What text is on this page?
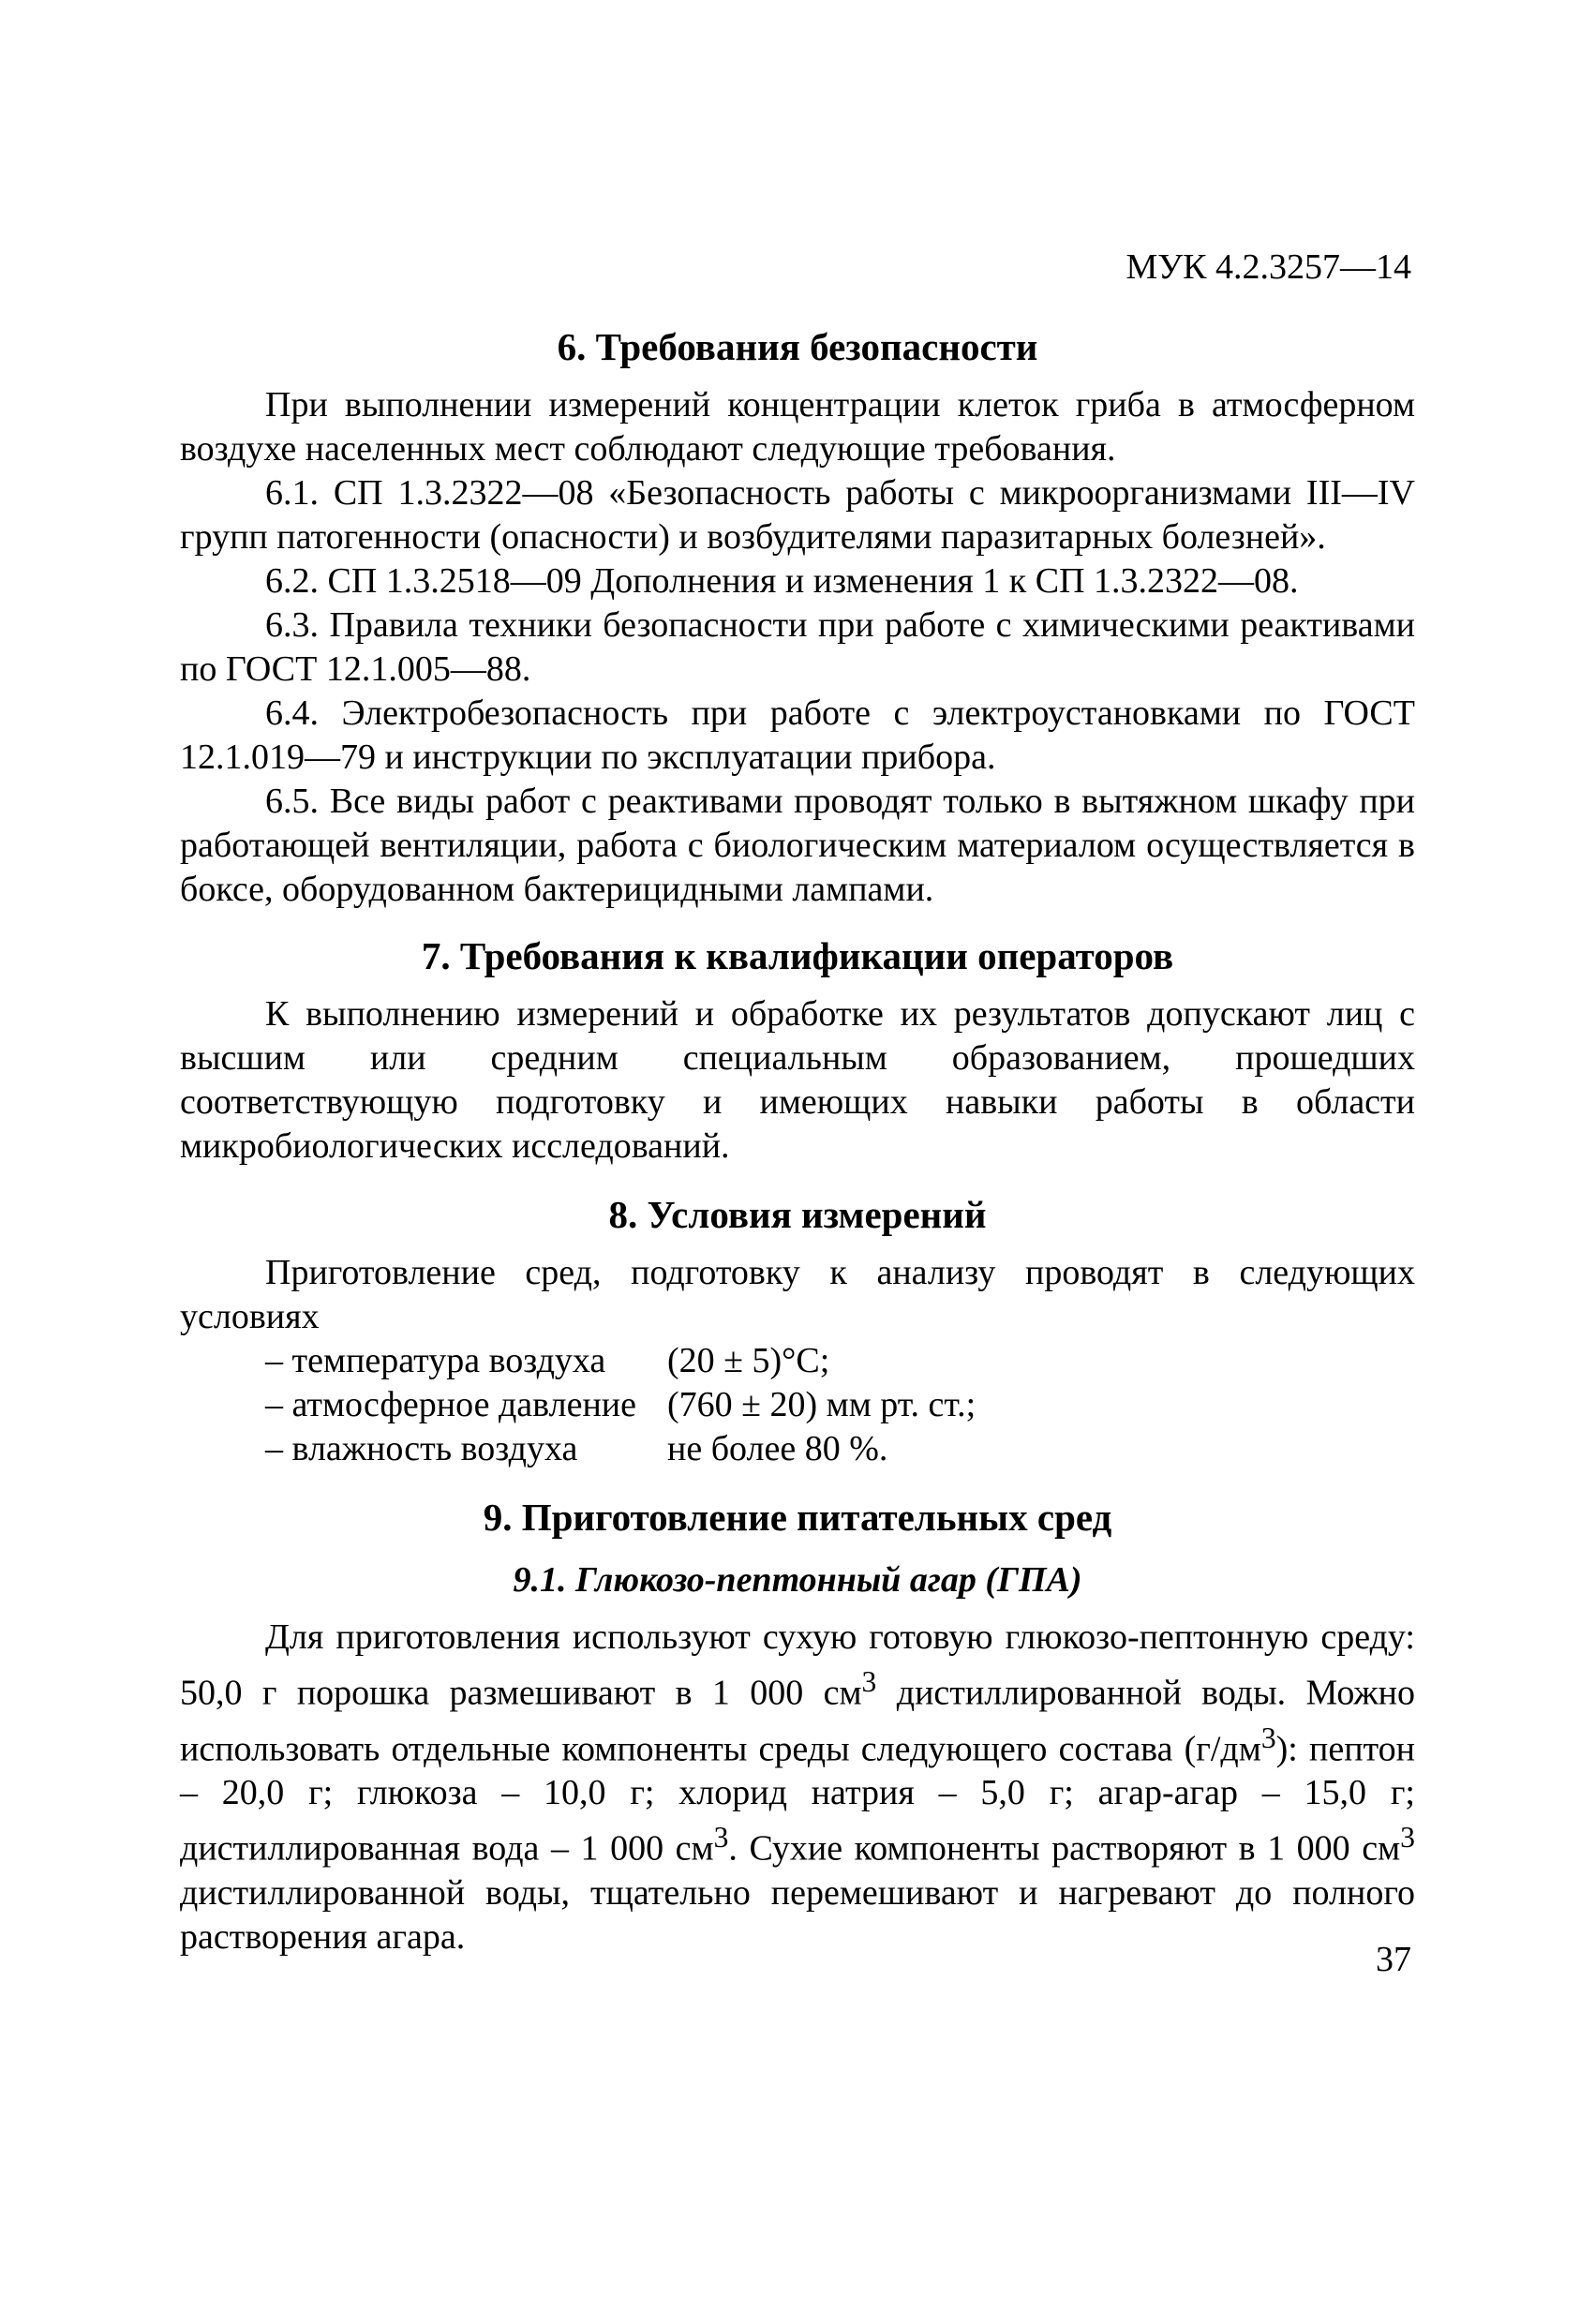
МУК 4.2.3257—14
6. Требования безопасности

При выполнении измерений концентрации клеток гриба в атмосферном воздухе населенных мест соблюдают следующие требования.

6.1. СП 1.3.2322—08 «Безопасность работы с микроорганизмами III—IV групп патогенности (опасности) и возбудителями паразитарных болезней».

6.2. СП 1.3.2518—09 Дополнения и изменения 1 к СП 1.3.2322—08.

6.3. Правила техники безопасности при работе с химическими реактивами по ГОСТ 12.1.005—88.

6.4. Электробезопасность при работе с электроустановками по ГОСТ 12.1.019—79 и инструкции по эксплуатации прибора.

6.5. Все виды работ с реактивами проводят только в вытяжном шкафу при работающей вентиляции, работа с биологическим материалом осуществляется в боксе, оборудованном бактерицидными лампами.

7. Требования к квалификации операторов

К выполнению измерений и обработке их результатов допускают лиц с высшим или средним специальным образованием, прошедших соответствующую подготовку и имеющих навыки работы в области микробиологических исследований.

8. Условия измерений

Приготовление сред, подготовку к анализу проводят в следующих условиях

– температура воздуха	(20 ± 5)°С;
– атмосферное давление (760 ± 20) мм рт. ст.;
– влажность воздуха	не более 80 %.
9. Приготовление питательных сред
9.1. Глюкозо-пептонный агар (ГПА)

Для приготовления используют сухую готовую глюкозо-пептонную среду: 50,0 г порошка размешивают в 1 000 $см^3$ дистиллированной воды. Можно использовать отдельные компоненты среды следующего состава $(г/дм^3)$: пептон – 20,0 г; глюкоза – 10,0 г; хлорид натрия – 5,0 г; агар-агар – 15,0 г; дистиллированная вода – 1 000 $см^3$. Сухие компоненты растворяют в 1 000 $см^3$ дистиллированной воды, тщательно перемешивают и нагревают до полного растворения агара.

37
